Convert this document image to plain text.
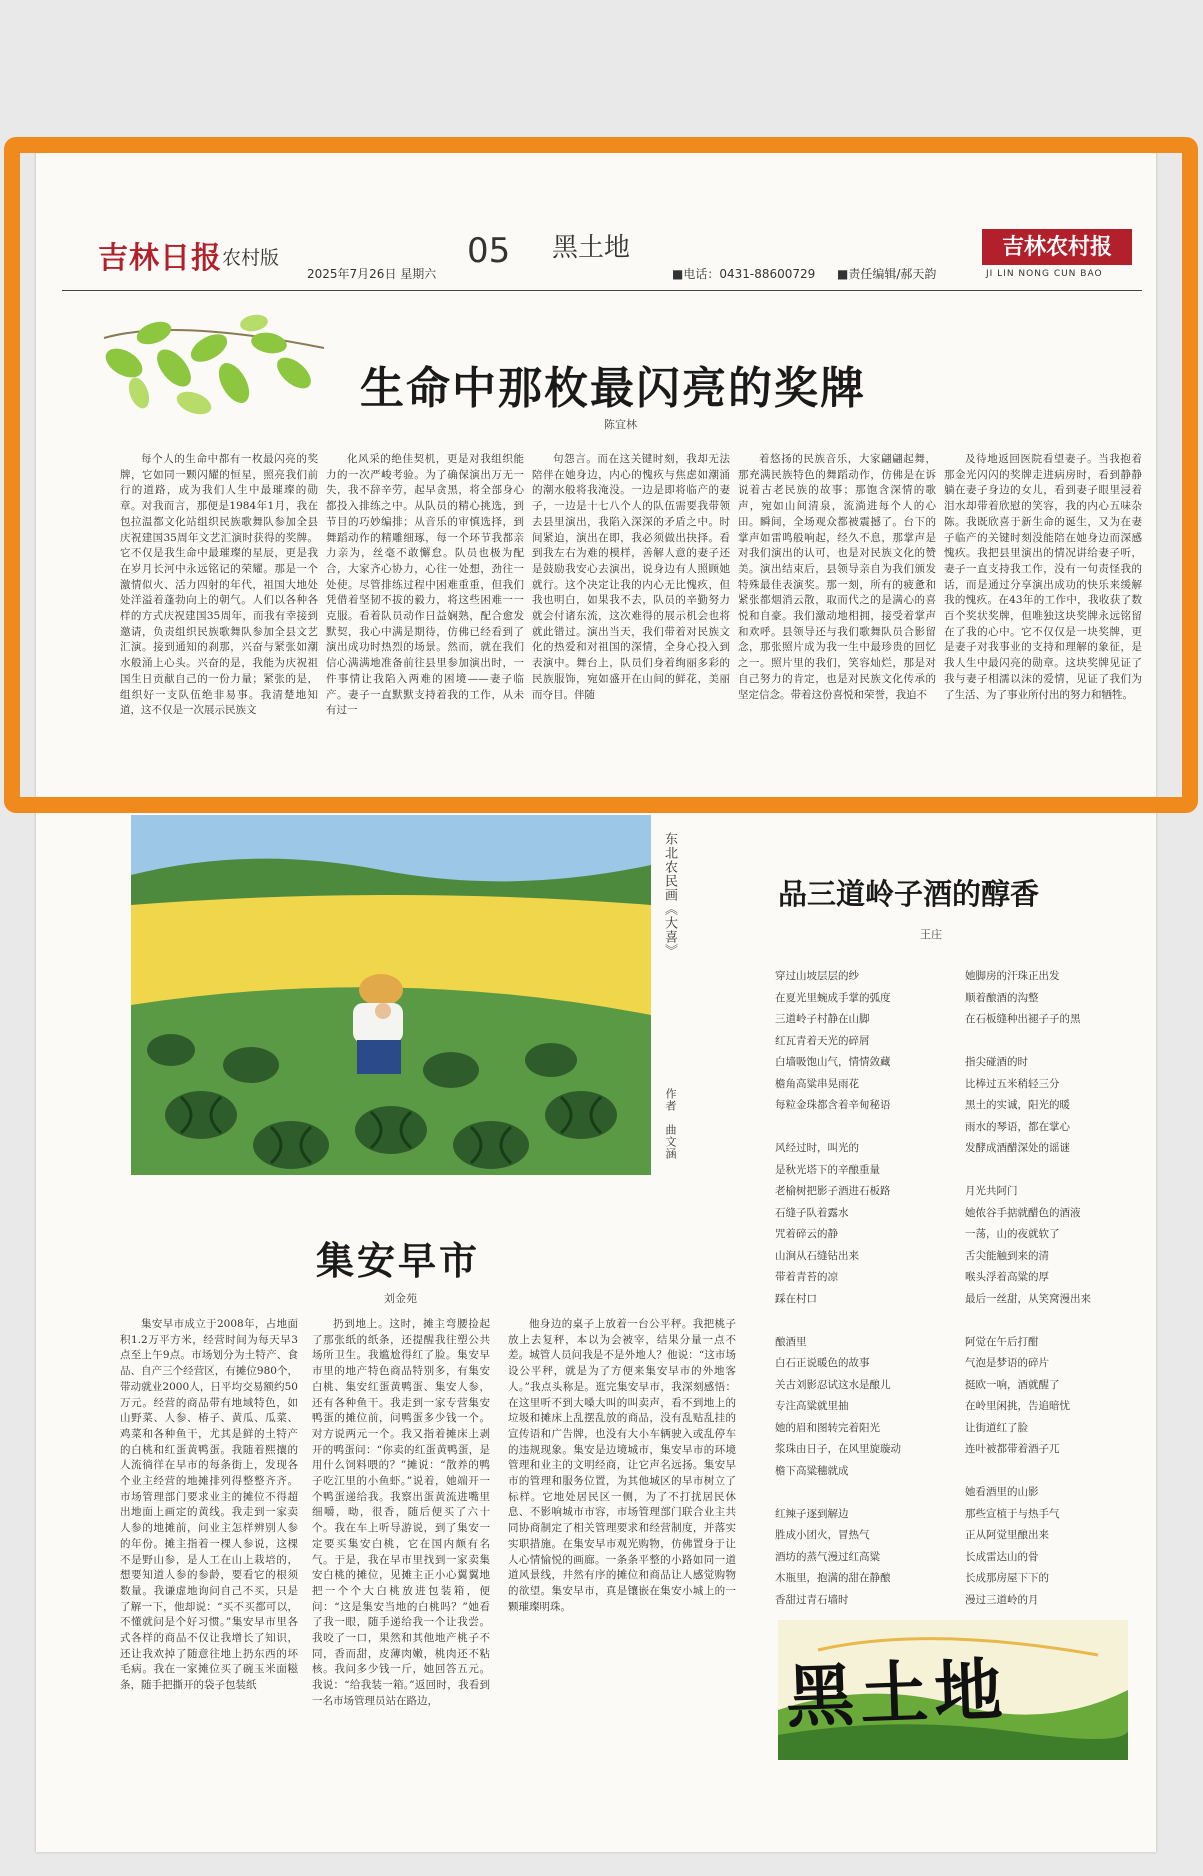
吉林日报 农村版	05 黑土地
2025年7月26日 星期六	■电话：0431-88600729 ■责任编辑/郝天韵
吉林农村报
JI LIN NONG CUN BAO
生命中那枚最闪亮的奖牌
陈宜林
每个人的生命中都有一枚最闪亮的奖牌，它如同一颗闪耀的恒星，照亮我们前行的道路，成为我们人生中最璀璨的勋章。对我而言，那便是1984年1月，我在包拉温都文化站组织民族歌舞队参加全县庆祝建国35周年文艺汇演时获得的奖牌。它不仅是我生命中最璀璨的星辰，更是我在岁月长河中永远铭记的荣耀。那是一个激情似火、活力四射的年代，祖国大地处处洋溢着蓬勃向上的朝气。人们以各种各样的方式庆祝建国35周年，而我有幸接到邀请，负责组织民族歌舞队参加全县文艺汇演。接到通知的刹那，兴奋与紧张如潮水般涌上心头。兴奋的是，我能为庆祝祖国生日贡献自己的一份力量；紧张的是，组织好一支队伍绝非易事。我清楚地知道，这不仅是一次展示民族文
化风采的绝佳契机，更是对我组织能力的一次严峻考验。为了确保演出万无一失，我不辞辛劳，起早贪黑，将全部身心都投入排练之中。从队员的精心挑选，到节目的巧妙编排；从音乐的审慎选择，到舞蹈动作的精雕细琢，每一个环节我都亲力亲为，丝毫不敢懈怠。队员也极为配合，大家齐心协力，心往一处想，劲往一处使。尽管排练过程中困难重重，但我们凭借着坚韧不拔的毅力，将这些困难一一克服。看着队员动作日益娴熟，配合愈发默契，我心中满是期待，仿佛已经看到了演出成功时热烈的场景。然而，就在我们信心满满地准备前往县里参加演出时，一件事情让我陷入两难的困境——妻子临产。妻子一直默默支持着我的工作，从未有过一
句怨言。而在这关键时刻，我却无法陪伴在她身边，内心的愧疚与焦虑如潮涌的潮水般将我淹没。一边是即将临产的妻子，一边是十七八个人的队伍需要我带领去县里演出，我陷入深深的矛盾之中。时间紧迫，演出在即，我必须做出抉择。看到我左右为难的模样，善解人意的妻子还是鼓励我安心去演出，说身边有人照顾她就行。这个决定让我的内心无比愧疚，但我也明白，如果我不去，队员的辛勤努力就会付诸东流，这次难得的展示机会也将就此错过。演出当天，我们带着对民族文化的热爱和对祖国的深情，全身心投入到表演中。舞台上，队员们身着绚丽多彩的民族服饰，宛如盛开在山间的鲜花，美丽而夺目。伴随
着悠扬的民族音乐，大家翩翩起舞，那充满民族特色的舞蹈动作，仿佛是在诉说着古老民族的故事；那饱含深情的歌声，宛如山间清泉，流淌进每个人的心田。瞬间，全场观众都被震撼了。台下的掌声如雷鸣般响起，经久不息，那掌声是对我们演出的认可，也是对民族文化的赞美。演出结束后，县领导亲自为我们颁发特殊最佳表演奖。那一刻，所有的疲惫和紧张都烟消云散，取而代之的是满心的喜悦和自豪。我们激动地相拥，接受着掌声和欢呼。县领导还与我们歌舞队员合影留念，那张照片成为我一生中最珍贵的回忆之一。照片里的我们，笑容灿烂，那是对自己努力的肯定，也是对民族文化传承的坚定信念。带着这份喜悦和荣誉，我迫不
及待地返回医院看望妻子。当我抱着那金光闪闪的奖牌走进病房时，看到静静躺在妻子身边的女儿，看到妻子眼里浸着泪水却带着欣慰的笑容，我的内心五味杂陈。我既欣喜于新生命的诞生，又为在妻子临产的关键时刻没能陪在她身边而深感愧疚。我把县里演出的情况讲给妻子听，妻子一直支持我工作，没有一句责怪我的话，而是通过分享演出成功的快乐来缓解我的愧疚。在43年的工作中，我收获了数百个奖状奖牌，但唯独这块奖牌永远铭留在了我的心中。它不仅仅是一块奖牌，更是妻子对我事业的支持和理解的象征，是我人生中最闪亮的勋章。这块奖牌见证了我与妻子相濡以沫的爱情，见证了我们为了生活、为了事业所付出的努力和牺牲。
东北农民画《大喜》
作者　曲文涵
集安早市
刘金苑
集安早市成立于2008年，占地面积1.2万平方米，经营时间为每天早3点至上午9点。市场划分为土特产、食品、自产三个经营区，有摊位980个，带动就业2000人，日平均交易额约50万元。经营的商品带有地域特色，如山野菜、人参、椿子、黄瓜、瓜菜、鸡菜和各种鱼干，尤其是鲜的土特产的白桃和红蛋黄鸭蛋。我随着熙攘的人流徜徉在早市的每条街上，发现各个业主经营的地摊排列得整整齐齐。市场管理部门要求业主的摊位不得超出地面上画定的黄线。我走到一家卖人参的地摊前，问业主怎样辨别人参的年份。摊主指着一棵人参说，这棵不是野山参，是人工在山上栽培的，想要知道人参的参龄，要看它的根须数量。我谦虚地询问自己不买，只是了解一下，他却说：“买不买都可以，不懂就问是个好习惯。”集安早市里各式各样的商品不仅让我增长了知识，还让我欢掉了随意往地上扔东西的坏毛病。我在一家摊位买了碗玉米面糍条，随手把撕开的袋子包装纸
扔到地上。这时，摊主弯腰捡起了那张纸的纸条，还提醒我往塑公共场所卫生。我尴尬得红了脸。集安早市里的地产特色商品特别多，有集安白桃、集安红蛋黄鸭蛋、集安人参，还有各种鱼干。我走到一家专营集安鸭蛋的摊位前，问鸭蛋多少钱一个。对方说两元一个。我又指着摊床上剥开的鸭蛋问：“你卖的红蛋黄鸭蛋，是用什么饲料喂的？”摊说：“散养的鸭子吃江里的小鱼虾。”说着，她端开一个鸭蛋递给我。我察出蛋黄流进嘴里细嚼，呦，很香，随后便买了六十个。我在车上听导游说，到了集安一定要买集安白桃，它在国内颇有名气。于是，我在早市里找到一家卖集安白桃的摊位，见摊主正小心翼翼地把一个个大白桃放进包装箱，便问：“这是集安当地的白桃吗？”她看了我一眼，随手递给我一个让我尝。我咬了一口，果然和其他地产桃子不同，香而甜，皮薄肉嫩，桃肉还不粘核。我问多少钱一斤，她回答五元。我说：“给我装一箱。”返回时，我看到一名市场管理员站在路边，
他身边的桌子上放着一台公平秤。我把桃子放上去复秤，本以为会被宰，结果分量一点不差。城管人员问我是不是外地人？他说：“这市场设公平秤，就是为了方便来集安早市的外地客人。”我点头称是。逛完集安早市，我深刻感悟：在这里听不到大嗓大叫的叫卖声，看不到地上的垃圾和摊床上乱摆乱放的商品，没有乱贴乱挂的宣传语和广告牌，也没有大小车辆驶入或乱停车的违规现象。集安是边境城市，集安早市的环境管理和业主的文明经商，让它声名远扬。集安早市的管理和服务位置，为其他城区的早市树立了标样。它地处居民区一侧，为了不打扰居民休息、不影响城市市容，市场管理部门联合业主共同协商制定了相关管理要求和经营制度，并落实实职措施。在集安早市观光购物，仿佛置身于让人心情愉悦的画廊。一条条平整的小路如同一道道风景线，井然有序的摊位和商品让人感觉购物的欲望。集安早市，真是镶嵌在集安小城上的一颗璀璨明珠。
品三道岭子酒的醇香
王庄
穿过山坡层层的纱
在夏光里蜿成手掌的弧度
三道岭子村静在山脚
红瓦青着天光的碎屑
白墙吸饱山气，情情敛藏
檐角高粱串晃雨花
每粒金珠都含着辛甸秘语
风经过时，叫光的
是秋光塔下的辛酿重量
老榆树把影子酒进石板路
石缝子队着露水
咒着碎云的静
山涧从石缝钻出来
带着青苔的凉
踩在村口
酿酒里
白石正说暖色的故事
关古刘影忍试这水是酿儿
专注高粱就里抽
她的眉和图转完着阳光
浆珠由日子，在风里旋璇动
檐下高粱穗就成
红辣子逐到解边
胜成小团火，冒热气
酒坊的蒸气漫过红高粱
木瓶里，抱满的甜在静酿
香甜过青石墙时
她脚房的汗珠正出发
顺着酿酒的沟整
在石板缝种出褪子子的黑
指尖碰酒的时
比棒过五米稍轻三分
黑土的实诚，阳光的暖
雨水的琴语，都在掌心
发酵成酒醋深处的谣谜
月光共阿门
她侬谷手掂就醋色的酒液
一荡，山的夜就软了
舌尖能触到来的清
喉头浮着高粱的厚
最后一丝甜，从笑窝漫出来
阿觉在午后打酣
气泡是梦语的碎片
挺欧一响，酒就醒了
在岭里闲挑，告追暗忧
让街道红了脸
连叶被都带着酒子兀
她看酒里的山影
那些宣植于与热手气
正从阿觉里酿出来
长成雷达山的骨
长成那房屋下下的
漫过三道岭的月
黑土地
